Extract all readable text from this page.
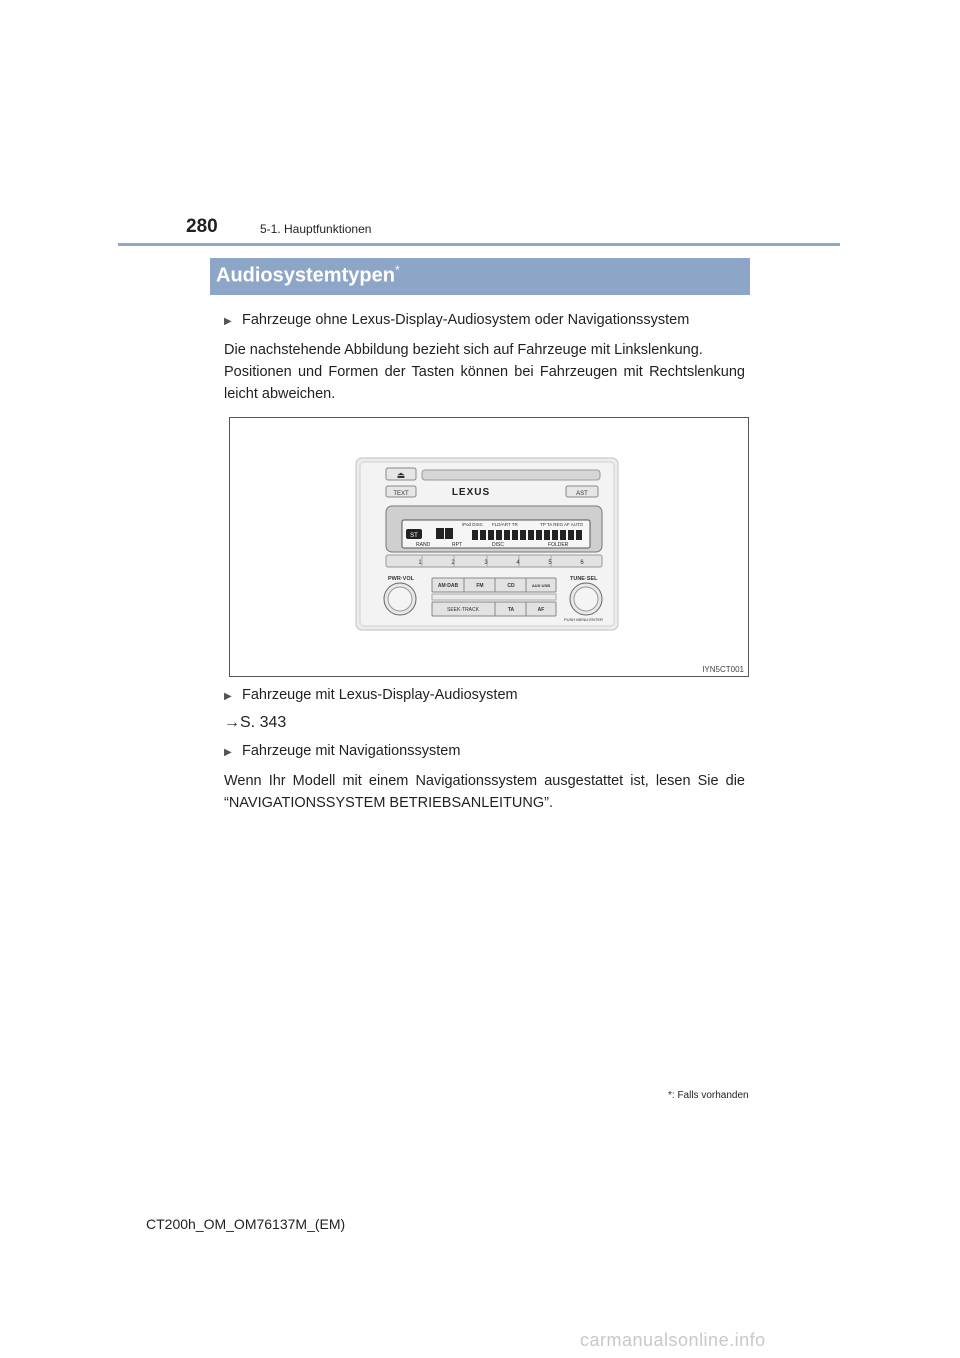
280	5-1. Hauptfunktionen
Audiosystemtypen*
▶ Fahrzeuge ohne Lexus-Display-Audiosystem oder Navigationssystem
Die nachstehende Abbildung bezieht sich auf Fahrzeuge mit Linkslenkung.
Positionen und Formen der Tasten können bei Fahrzeugen mit Rechtslenkung leicht abweichen.
⏏
TEXT	LEXUS	AST
iPod DISC FLD/ART TR	TP TA REG AF AUTO
ST
RAND	RPT	DISC	FOLDER
1	2	3	4	5	6
PWR·VOL	TUNE·SEL
PUSH MENU·ENTER
AM·DAB	FM	CD	AUX·USB
SEEK·TRACK	TA	AF
IYN5CT001
▶ Fahrzeuge mit Lexus-Display-Audiosystem
→S. 343
▶ Fahrzeuge mit Navigationssystem
Wenn Ihr Modell mit einem Navigationssystem ausgestattet ist, lesen Sie die “NAVIGATIONSSYSTEM BETRIEBSANLEITUNG”.
*: Falls vorhanden
CT200h_OM_OM76137M_(EM)
carmanualsonline.info
